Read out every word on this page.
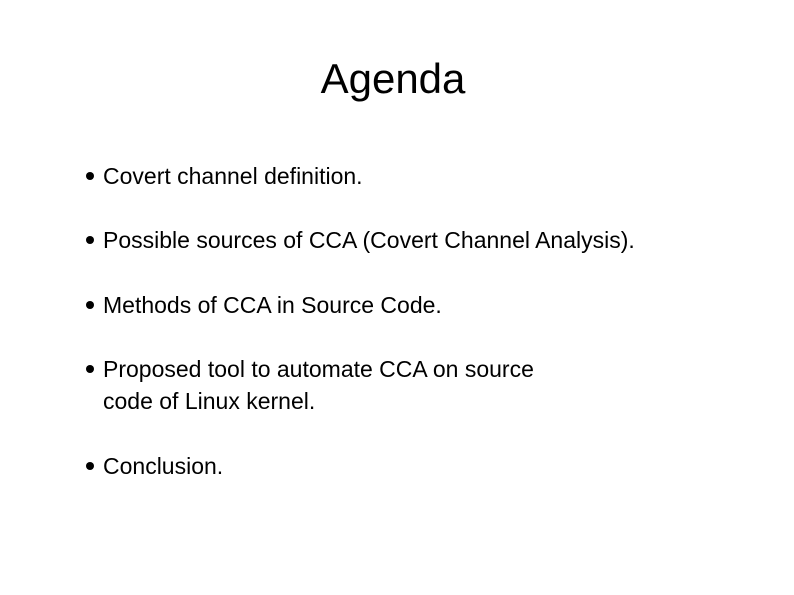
Agenda
Covert channel definition.
Possible sources of CCA (Covert Channel Analysis).
Methods of CCA in Source Code.
Proposed tool to automate CCA on source
code of Linux kernel.
Conclusion.
